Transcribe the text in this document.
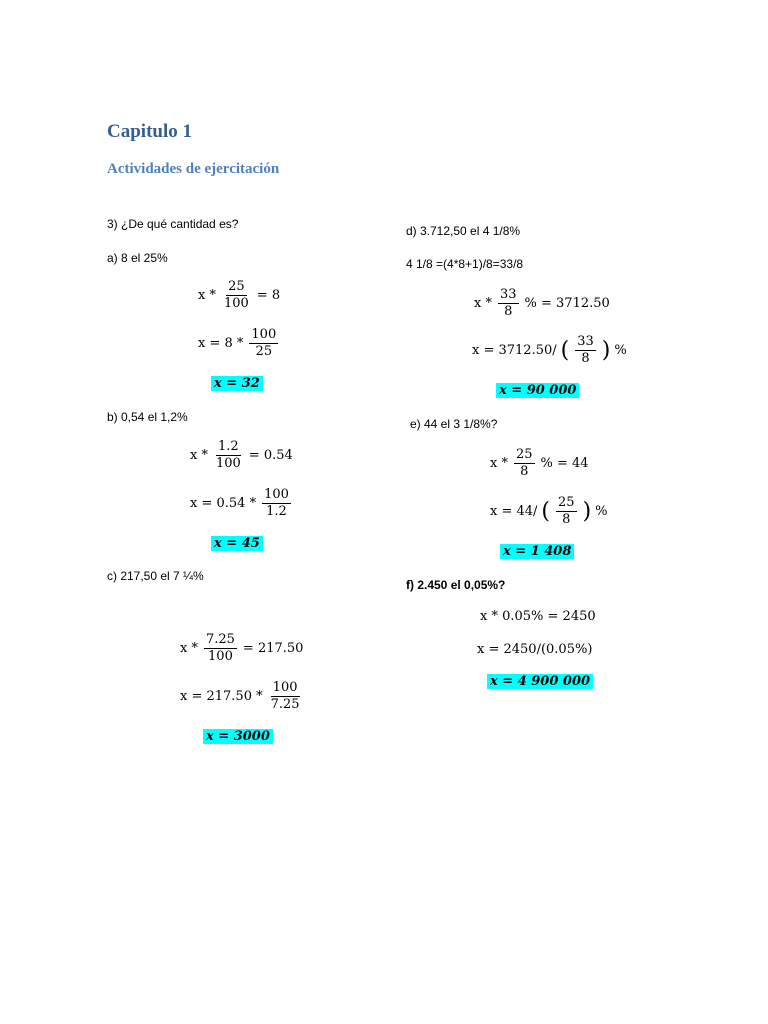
Capitulo 1
Actividades de ejercitación
3) ¿De qué cantidad es?
a) 8 el 25%
$x * \frac{25}{100} = 8$
$x = 8 * \frac{100}{25}$
x = 32
b) 0,54 el 1,2%
$x * \frac{1.2}{100} = 0.54$
$x = 0.54 * \frac{100}{1.2}$
x = 45
c) 217,50 el 7 ¼%
$x * \frac{7.25}{100} = 217.50$
$x = 217.50 * \frac{100}{7.25}$
x = 3000
d) 3.712,50 el 4 1/8%
4 1/8 =(4*8+1)/8=33/8
x * $\frac{33}{8}$ % = 3712.50
x = 3712.50/ ( $\frac{33}{8}$ ) %
x = 90 000
e) 44 el 3 1/8%?
x * $\frac{25}{8}$ % = 44
x = 44/ ( $\frac{25}{8}$ ) %
x = 1 408
f) 2.450 el 0,05%?
x * 0.05% = 2450
x = 2450/(0.05%)
x = 4 900 000
